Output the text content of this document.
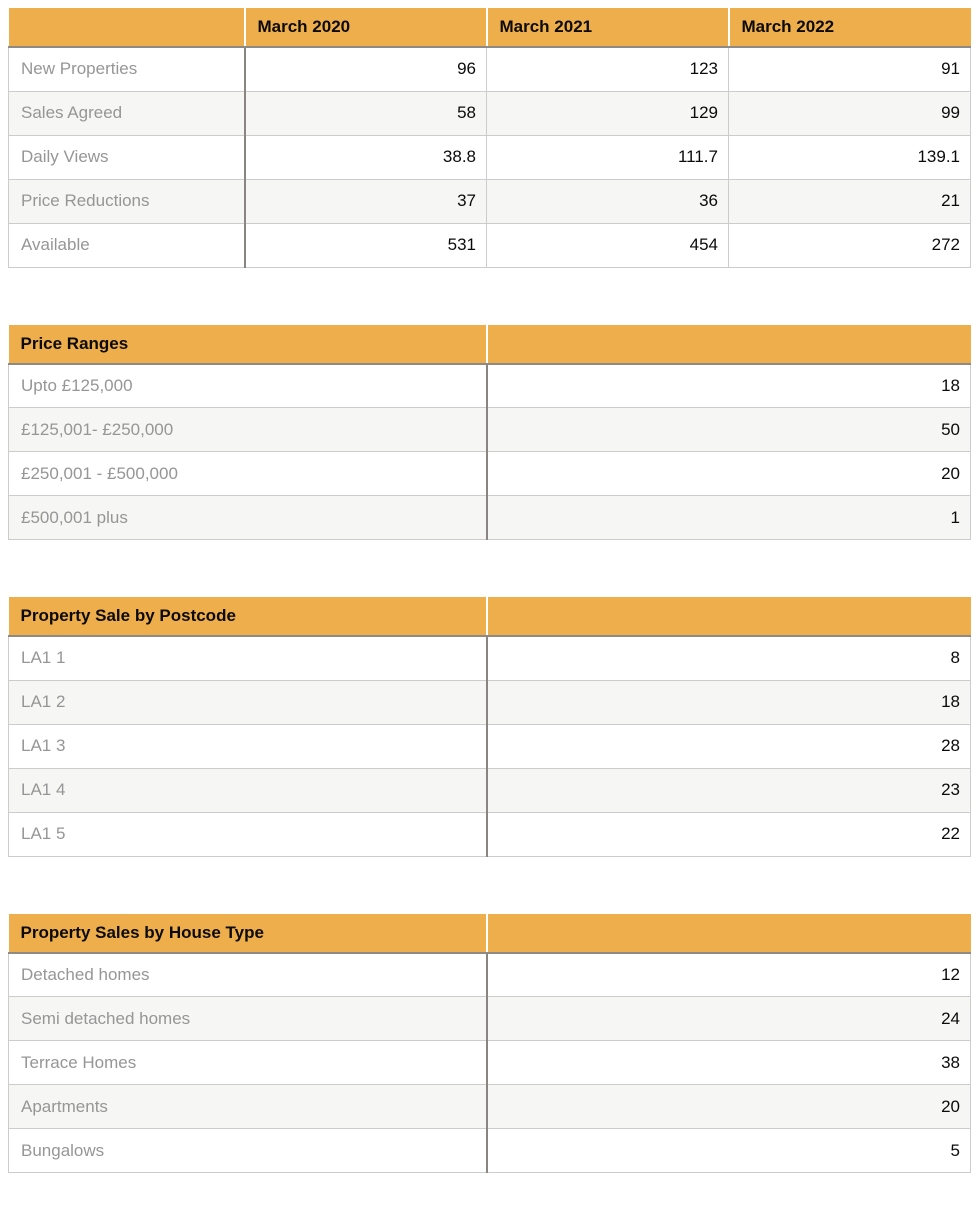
	March 2020	March 2021	March 2022
New Properties	96	123	91
Sales Agreed	58	129	99
Daily Views	38.8	111.7	139.1
Price Reductions	37	36	21
Available	531	454	272
Price Ranges	
Upto £125,000	18
£125,001- £250,000	50
£250,001 - £500,000	20
£500,001 plus	1
Property Sale by Postcode	
LA1 1	8
LA1 2	18
LA1 3	28
LA1 4	23
LA1 5	22
Property Sales by House Type	
Detached homes	12
Semi detached homes	24
Terrace Homes	38
Apartments	20
Bungalows	5
